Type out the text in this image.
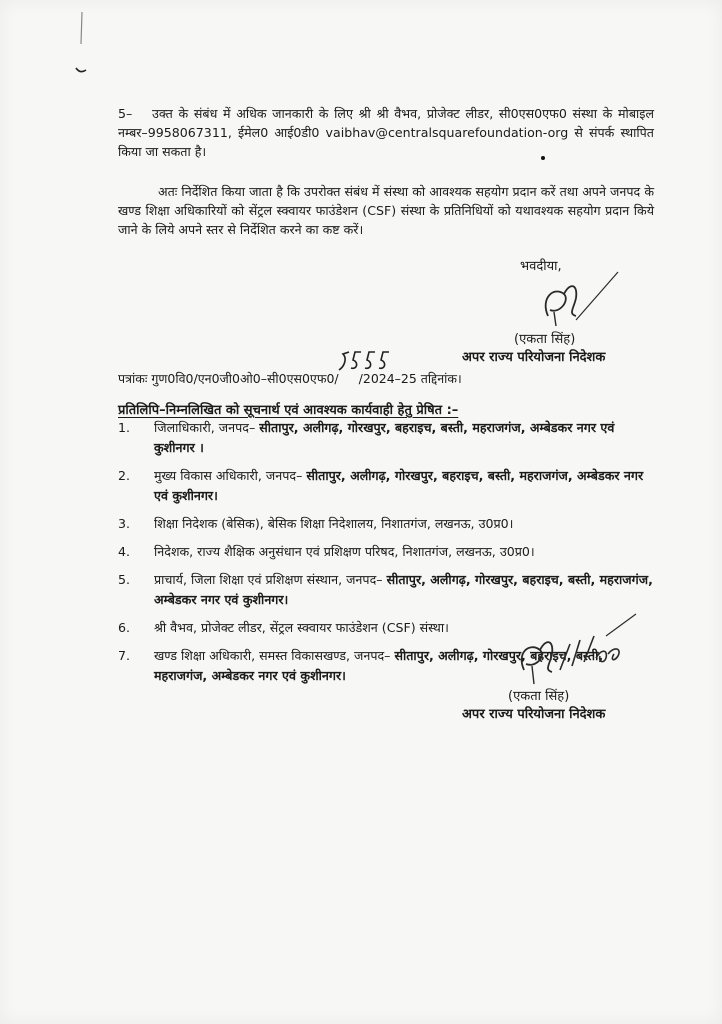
5– उक्त के संबंध में अधिक जानकारी के लिए श्री श्री वैभव, प्रोजेक्ट लीडर, सी0एस0एफ0 संस्था के मोबाइल नम्बर–9958067311, ईमेल0 आई0डी0 vaibhav@centralsquarefoundation-org से संपर्क स्थापित किया जा सकता है।

अतः निर्देशित किया जाता है कि उपरोक्त संबंध में संस्था को आवश्यक सहयोग प्रदान करें तथा अपने जनपद के खण्ड शिक्षा अधिकारियों को सेंट्रल स्क्वायर फाउंडेशन (CSF) संस्था के प्रतिनिधियों को यथावश्यक सहयोग प्रदान किये जाने के लिये अपने स्तर से निर्देशित करने का कष्ट करें।

भवदीया,
(एकता सिंह)
अपर राज्य परियोजना निदेशक
पत्रांकः गुण0वि0/एन0जी0ओ0–सी0एस0एफ0/ /2024–25 तद्दिनांक।
प्रतिलिपि–निम्नलिखित को सूचनार्थ एवं आवश्यक कार्यवाही हेतु प्रेषित :–
1. जिलाधिकारी, जनपद– सीतापुर, अलीगढ़, गोरखपुर, बहराइच, बस्ती, महराजगंज, अम्बेडकर नगर एवं कुशीनगर ।
2. मुख्य विकास अधिकारी, जनपद– सीतापुर, अलीगढ़, गोरखपुर, बहराइच, बस्ती, महराजगंज, अम्बेडकर नगर एवं कुशीनगर।
3. शिक्षा निदेशक (बेसिक), बेसिक शिक्षा निदेशालय, निशातगंज, लखनऊ, उ0प्र0।
4. निदेशक, राज्य शैक्षिक अनुसंधान एवं प्रशिक्षण परिषद, निशातगंज, लखनऊ, उ0प्र0।
5. प्राचार्य, जिला शिक्षा एवं प्रशिक्षण संस्थान, जनपद– सीतापुर, अलीगढ़, गोरखपुर, बहराइच, बस्ती, महराजगंज, अम्बेडकर नगर एवं कुशीनगर।
6. श्री वैभव, प्रोजेक्ट लीडर, सेंट्रल स्क्वायर फाउंडेशन (CSF) संस्था।
7. खण्ड शिक्षा अधिकारी, समस्त विकासखण्ड, जनपद– सीतापुर, अलीगढ़, गोरखपुर, बहराइच, बस्ती, महराजगंज, अम्बेडकर नगर एवं कुशीनगर।
(एकता सिंह)
अपर राज्य परियोजना निदेशक
